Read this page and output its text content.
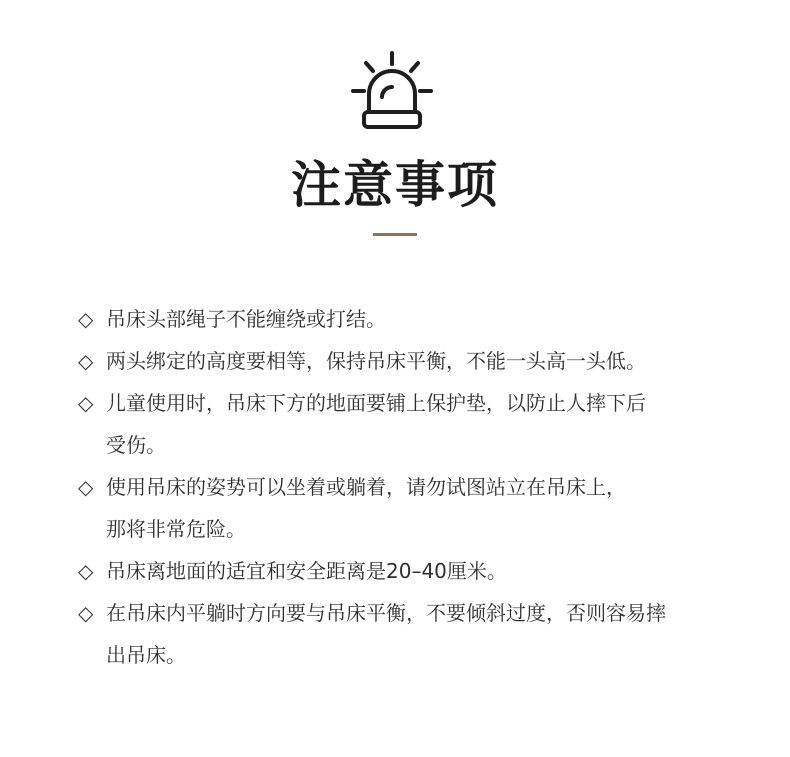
注意事项
◇ 吊床头部绳子不能缠绕或打结。
◇ 两头绑定的高度要相等，保持吊床平衡，不能一头高一头低。
◇ 儿童使用时，吊床下方的地面要铺上保护垫，以防止人摔下后
受伤。
◇ 使用吊床的姿势可以坐着或躺着，请勿试图站立在吊床上，
那将非常危险。
◇ 吊床离地面的适宜和安全距离是20–40厘米。
◇ 在吊床内平躺时方向要与吊床平衡，不要倾斜过度，否则容易摔
出吊床。
